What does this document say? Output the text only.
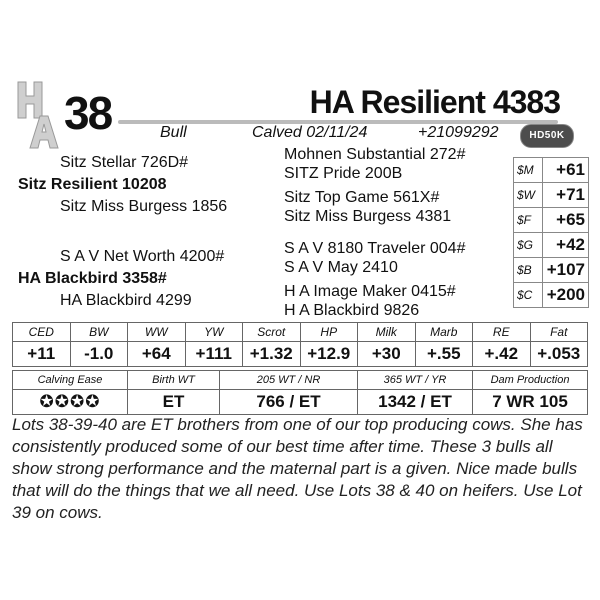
38	HA Resilient 4383
Bull	Calved 02/11/24	+21099292	HD50K
Sitz Stellar 726D#
Sitz Resilient 10208
Sitz Miss Burgess 1856
S A V Net Worth 4200#
HA Blackbird 3358#
HA Blackbird 4299
Mohnen Substantial 272#
SITZ Pride 200B
Sitz Top Game 561X#
Sitz Miss Burgess 4381
S A V 8180 Traveler 004#
S A V May 2410
H A Image Maker 0415#
H A Blackbird 9826
$M	+61
$W	+71
$F	+65
$G	+42
$B	+107
$C	+200
CED	BW	WW	YW	Scrot	HP	Milk	Marb	RE	Fat
+11	-1.0	+64	+111	+1.32	+12.9	+30	+.55	+.42	+.053
Calving Ease	Birth WT	205 WT / NR	365 WT / YR	Dam Production
✪✪✪✪	ET	766 / ET	1342 / ET	7 WR 105
Lots 38-39-40 are ET brothers from one of our top producing cows. She has consistently produced some of our best time after time. These 3 bulls all show strong performance and the maternal part is a given. Nice made bulls that will do the things that we all need. Use Lots 38 & 40 on heifers. Use Lot 39 on cows.
